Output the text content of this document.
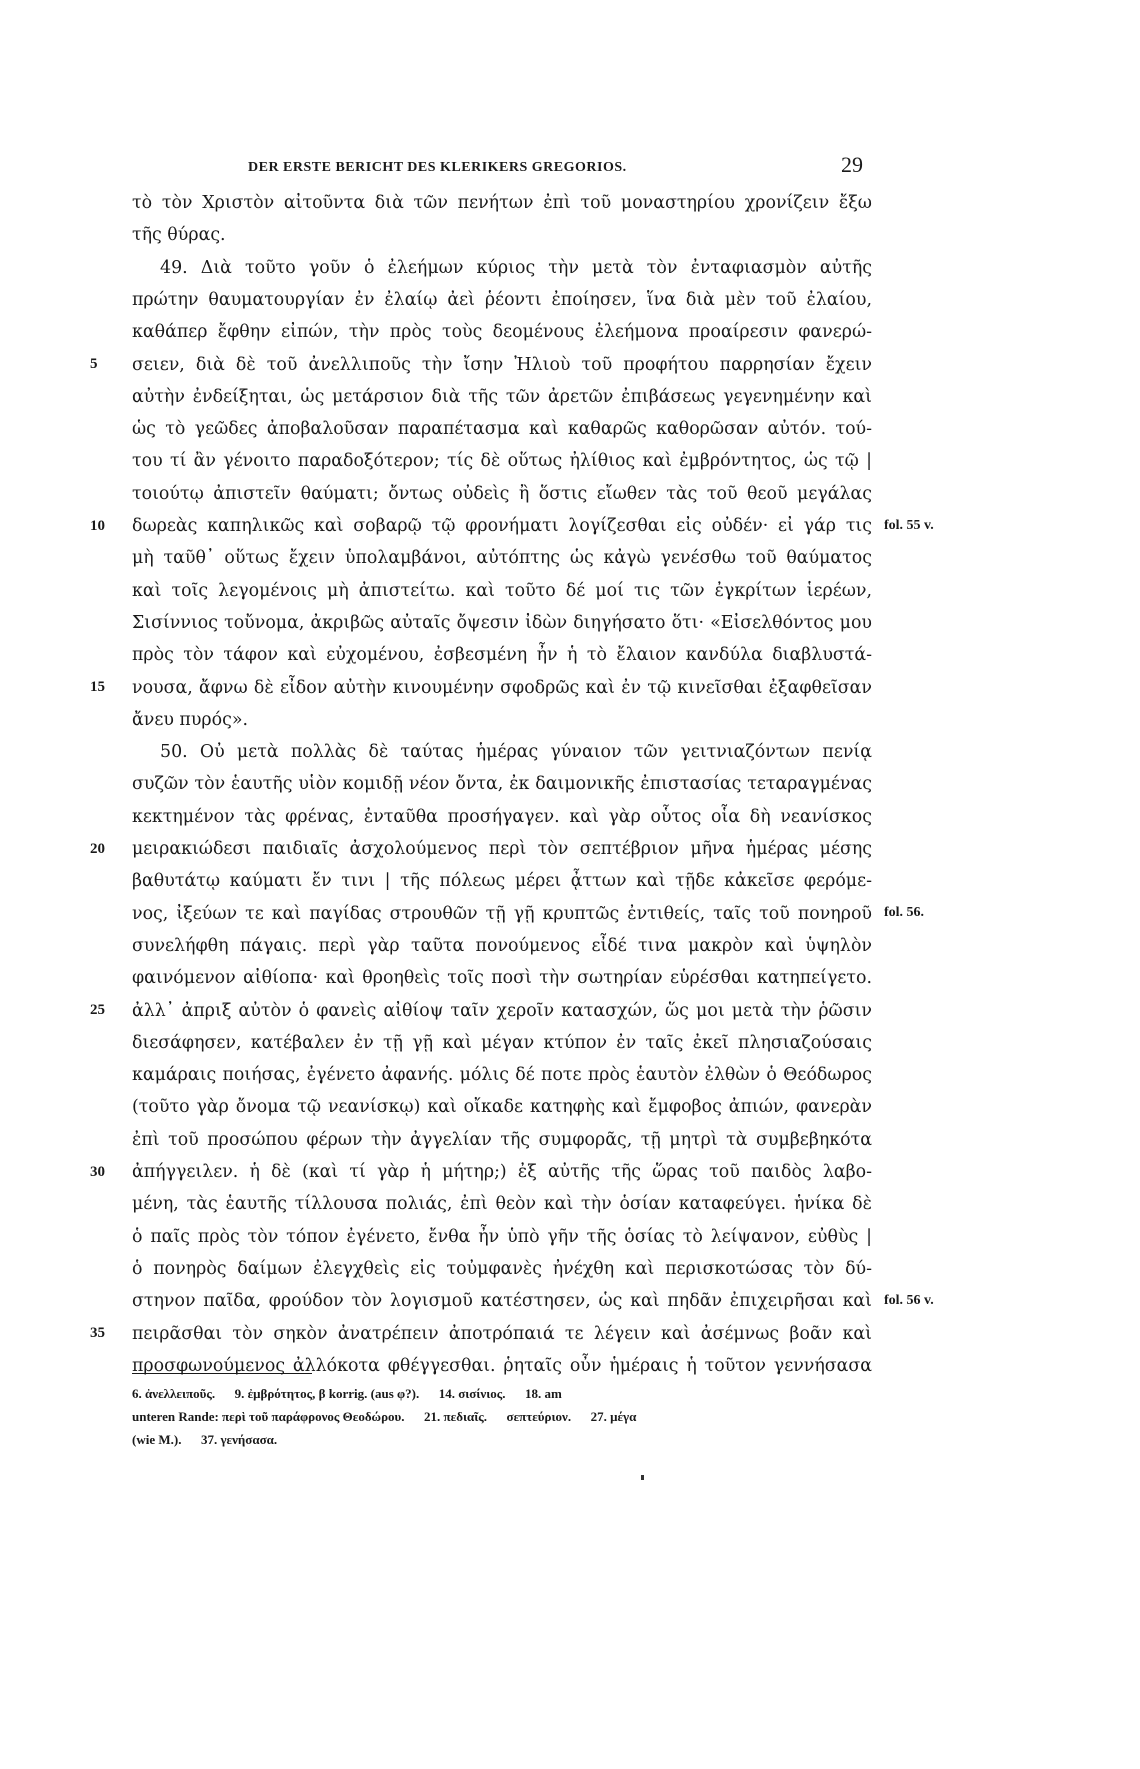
DER ERSTE BERICHT DES KLERIKERS GREGORIOS.	29
τὸ τὸν Χριστὸν αἰτοῦντα διὰ τῶν πενήτων ἐπὶ τοῦ μοναστηρίου χρονίζειν ἔξω
τῆς θύρας.
49. Διὰ τοῦτο γοῦν ὁ ἐλεήμων κύριος τὴν μετὰ τὸν ἐνταφιασμὸν αὐτῆς
πρώτην θαυματουργίαν ἐν ἐλαίῳ ἀεὶ ῥέοντι ἐποίησεν, ἵνα διὰ μὲν τοῦ ἐλαίου,
καθάπερ ἔφθην εἰπών, τὴν πρὸς τοὺς δεομένους ἐλεήμονα προαίρεσιν φανερώ-
5	σειεν, διὰ δὲ τοῦ ἀνελλιποῦς τὴν ἴσην Ἠλιοὺ τοῦ προφήτου παρρησίαν ἔχειν
αὐτὴν ἐνδείξηται, ὡς μετάρσιον διὰ τῆς τῶν ἀρετῶν ἐπιβάσεως γεγενημένην καὶ
ὡς τὸ γεῶδες ἀποβαλοῦσαν παραπέτασμα καὶ καθαρῶς καθορῶσαν αὐτόν. τού-
του τί ἂν γένοιτο παραδοξότερον; τίς δὲ οὕτως ἠλίθιος καὶ ἐμβρόντητος, ὡς τῷ |
τοιούτῳ ἀπιστεῖν θαύματι; ὄντως οὐδεὶς ἢ ὅστις εἴωθεν τὰς τοῦ θεοῦ μεγάλας
10	fol. 55 v.
δωρεὰς καπηλικῶς καὶ σοβαρῷ τῷ φρονήματι λογίζεσθαι εἰς οὐδέν· εἰ γάρ τις
μὴ ταῦθ᾽ οὕτως ἔχειν ὑπολαμβάνοι, αὐτόπτης ὡς κἀγὼ γενέσθω τοῦ θαύματος
καὶ τοῖς λεγομένοις μὴ ἀπιστείτω. καὶ τοῦτο δέ μοί τις τῶν ἐγκρίτων ἱερέων,
Σισίννιος τοὔνομα, ἀκριβῶς αὐταῖς ὄψεσιν ἰδὼν διηγήσατο ὅτι· «Εἰσελθόντος μου
πρὸς τὸν τάφον καὶ εὐχομένου, ἐσβεσμένη ἦν ἡ τὸ ἔλαιον κανδύλα διαβλυστά-
15	νουσα, ἄφνω δὲ εἶδον αὐτὴν κινουμένην σφοδρῶς καὶ ἐν τῷ κινεῖσθαι ἐξαφθεῖσαν
ἄνευ πυρός».
50. Οὐ μετὰ πολλὰς δὲ ταύτας ἡμέρας γύναιον τῶν γειτνιαζόντων πενίᾳ
συζῶν τὸν ἑαυτῆς υἱὸν κομιδῇ νέον ὄντα, ἐκ δαιμονικῆς ἐπιστασίας τεταραγμένας
κεκτημένον τὰς φρένας, ἐνταῦθα προσήγαγεν. καὶ γὰρ οὗτος οἷα δὴ νεανίσκος
20	μειρακιώδεσι παιδιαῖς ἀσχολούμενος περὶ τὸν σεπτέβριον μῆνα ἡμέρας μέσης
βαθυτάτῳ καύματι ἔν τινι | τῆς πόλεως μέρει ᾆττων καὶ τῇδε κἀκεῖσε φερόμε-
fol. 56.
νος, ἰξεύων τε καὶ παγίδας στρουθῶν τῇ γῇ κρυπτῶς ἐντιθείς, ταῖς τοῦ πονηροῦ
συνελήφθη πάγαις. περὶ γὰρ ταῦτα πονούμενος εἶδέ τινα μακρὸν καὶ ὑψηλὸν
φαινόμενον αἰθίοπα· καὶ θροηθεὶς τοῖς ποσὶ τὴν σωτηρίαν εὑρέσθαι κατηπείγετο.
25	ἀλλ᾽ ἀπριξ αὐτὸν ὁ φανεὶς αἰθίοψ ταῖν χεροῖν κατασχών, ὥς μοι μετὰ τὴν ῥῶσιν
διεσάφησεν, κατέβαλεν ἐν τῇ γῇ καὶ μέγαν κτύπον ἐν ταῖς ἐκεῖ πλησιαζούσαις
καμάραις ποιήσας, ἐγένετο ἀφανής. μόλις δέ ποτε πρὸς ἑαυτὸν ἐλθὼν ὁ Θεόδωρος
(τοῦτο γὰρ ὄνομα τῷ νεανίσκῳ) καὶ οἴκαδε κατηφὴς καὶ ἔμφοβος ἀπιών, φανερὰν
ἐπὶ τοῦ προσώπου φέρων τὴν ἀγγελίαν τῆς συμφορᾶς, τῇ μητρὶ τὰ συμβεβηκότα
30	ἀπήγγειλεν. ἡ δὲ (καὶ τί γὰρ ἡ μήτηρ;) ἐξ αὐτῆς τῆς ὥρας τοῦ παιδὸς λαβο-
μένη, τὰς ἑαυτῆς τίλλουσα πολιάς, ἐπὶ θεὸν καὶ τὴν ὁσίαν καταφεύγει. ἡνίκα δὲ
ὁ παῖς πρὸς τὸν τόπον ἐγένετο, ἔνθα ἦν ὑπὸ γῆν τῆς ὁσίας τὸ λείψανον, εὐθὺς |
ὁ πονηρὸς δαίμων ἐλεγχθεὶς εἰς τοὐμφανὲς ἠνέχθη καὶ περισκοτώσας τὸν δύ-
fol. 56 v.
στηνον παῖδα, φρούδον τὸν λογισμοῦ κατέστησεν, ὡς καὶ πηδᾶν ἐπιχειρῆσαι καὶ
35	πειρᾶσθαι τὸν σηκὸν ἀνατρέπειν ἀποτρόπαιά τε λέγειν καὶ ἀσέμνως βοᾶν καὶ
προσφωνούμενος ἀλλόκοτα φθέγγεσθαι. ῥηταῖς οὖν ἡμέραις ἡ τοῦτον γεννήσασα
6. ἀνελλειποῦς.      9. ἐμβρότητος, β korrig. (aus φ?).      14. σισίνιος.      18. am
unteren Rande: περὶ τοῦ παράφρονος Θεοδώρου.      21. πεδιαῖς.      σεπτεύριον.      27. μέγα
(wie M.).      37. γενήσασα.
